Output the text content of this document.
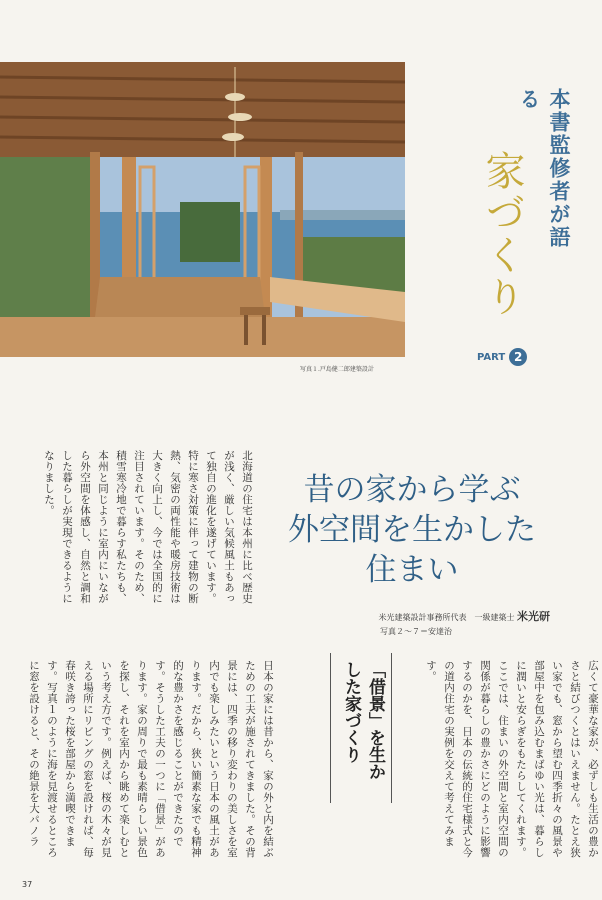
写真１.戸島健二郎建築設計
本書監修者が語る
家づくり
PART 2
昔の家から学ぶ
外空間を生かした
住まい
米光建築設計事務所代表　一級建築士 米光研
写真２～７＝安達治
北海道の住宅は本州に比べ歴史が浅く、厳しい気候風土もあって独自の進化を遂げています。特に寒さ対策に伴って建物の断熱、気密の両性能や暖房技術は大きく向上し、今では全国的に注目されています。そのため、積雪寒冷地で暮らす私たちも、本州と同じように室内にいながら外空間を体感し、自然と調和した暮らしが実現できるようになりました。
広くて豪華な家が、必ずしも生活の豊かさと結びつくとはいえません。たとえ狭い家でも、窓から望む四季折々の風景や部屋中を包み込むまばゆい光は、暮らしに潤いと安らぎをもたらしてくれます。ここでは、住まいの外空間と室内空間の関係が暮らしの豊かさにどのように影響するのかを、日本の伝統的住宅様式と今の道内住宅の実例を交えて考えてみます。
「借景」を生かした家づくり
日本の家には昔から、家の外と内を結ぶための工夫が施されてきました。その背景には、四季の移り変わりの美しさを室内でも楽しみたいという日本の風土があります。だから、狭い簡素な家でも精神的な豊かさを感じることができたのです。そうした工夫の一つに「借景」があります。家の周りで最も素晴らしい景色を探し、それを室内から眺めて楽しむという考え方です。例えば、桜の木々が見える場所にリビングの窓を設ければ、毎春咲き誇った桜を部屋から満喫できます。写真１のように海を見渡せるところに窓を設けると、その絶景を大パノラ
37
